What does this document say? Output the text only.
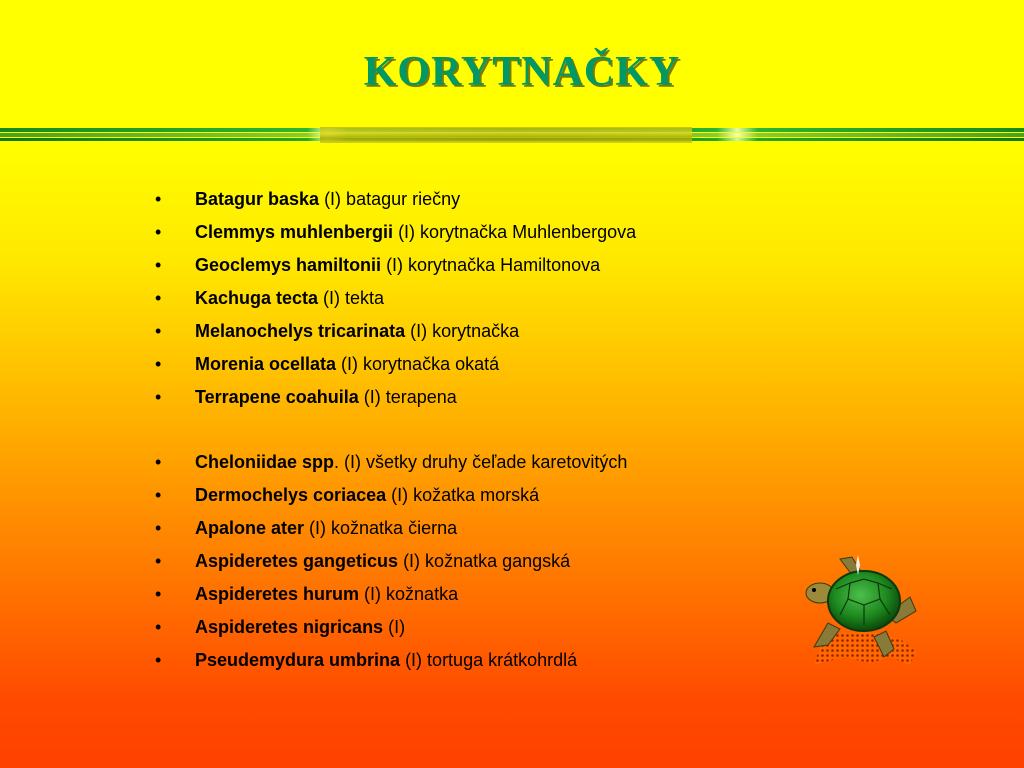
KORYTNAČKY
• Batagur baska (I) batagur riečny
• Clemmys muhlenbergii (I) korytnačka Muhlenbergova
• Geoclemys hamiltonii (I) korytnačka Hamiltonova
• Kachuga tecta (I) tekta
• Melanochelys tricarinata (I) korytnačka
• Morenia ocellata (I) korytnačka okatá
• Terrapene coahuila (I) terapena
• Cheloniidae spp. (I) všetky druhy čeľade karetovitých
• Dermochelys coriacea (I) kožatka morská
• Apalone ater (I) kožnatka čierna
• Aspideretes gangeticus (I) kožnatka gangská
• Aspideretes hurum (I) kožnatka
• Aspideretes nigricans (I)
• Pseudemydura umbrina (I) tortuga krátkohrdlá
